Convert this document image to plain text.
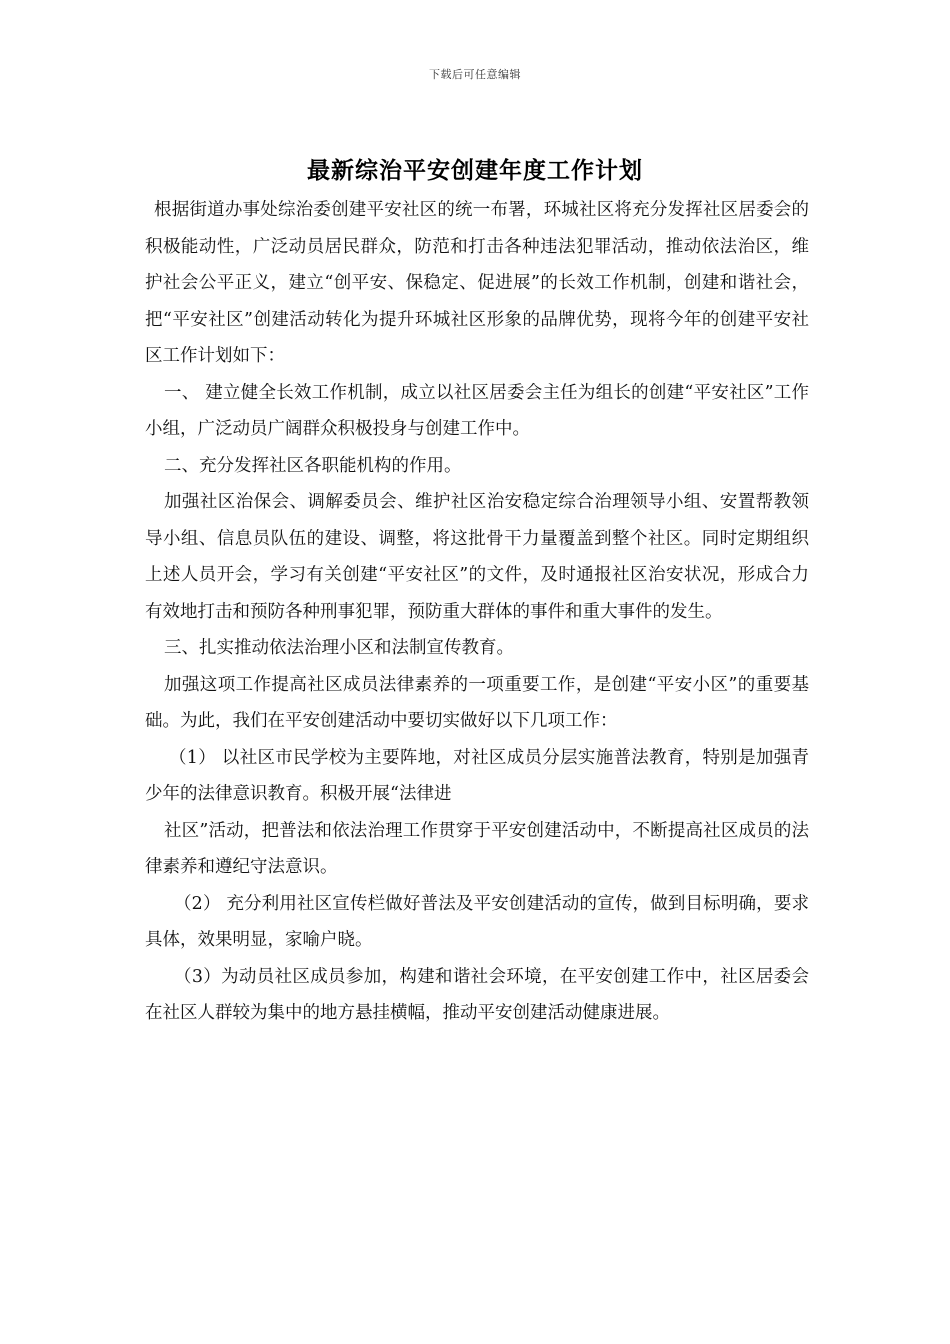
下载后可任意编辑
最新综治平安创建年度工作计划

根据街道办事处综治委创建平安社区的统一布署，环城社区将充分发挥社区居委会的积极能动性，广泛动员居民群众，防范和打击各种违法犯罪活动，推动依法治区，维护社会公平正义，建立“创平安、保稳定、促进展”的长效工作机制，创建和谐社会，把“平安社区”创建活动转化为提升环城社区形象的品牌优势，现将今年的创建平安社区工作计划如下：

一、 建立健全长效工作机制，成立以社区居委会主任为组长的创建“平安社区”工作小组，广泛动员广阔群众积极投身与创建工作中。

二、充分发挥社区各职能机构的作用。

加强社区治保会、调解委员会、维护社区治安稳定综合治理领导小组、安置帮教领导小组、信息员队伍的建设、调整，将这批骨干力量覆盖到整个社区。同时定期组织上述人员开会，学习有关创建“平安社区”的文件，及时通报社区治安状况，形成合力有效地打击和预防各种刑事犯罪，预防重大群体的事件和重大事件的发生。

三、扎实推动依法治理小区和法制宣传教育。

加强这项工作提高社区成员法律素养的一项重要工作，是创建“平安小区”的重要基础。为此，我们在平安创建活动中要切实做好以下几项工作：

（1） 以社区市民学校为主要阵地，对社区成员分层实施普法教育，特别是加强青少年的法律意识教育。积极开展“法律进

社区”活动，把普法和依法治理工作贯穿于平安创建活动中，不断提高社区成员的法律素养和遵纪守法意识。

（2） 充分利用社区宣传栏做好普法及平安创建活动的宣传，做到目标明确，要求具体，效果明显，家喻户晓。

（3）为动员社区成员参加，构建和谐社会环境，在平安创建工作中，社区居委会在社区人群较为集中的地方悬挂横幅，推动平安创建活动健康进展。
